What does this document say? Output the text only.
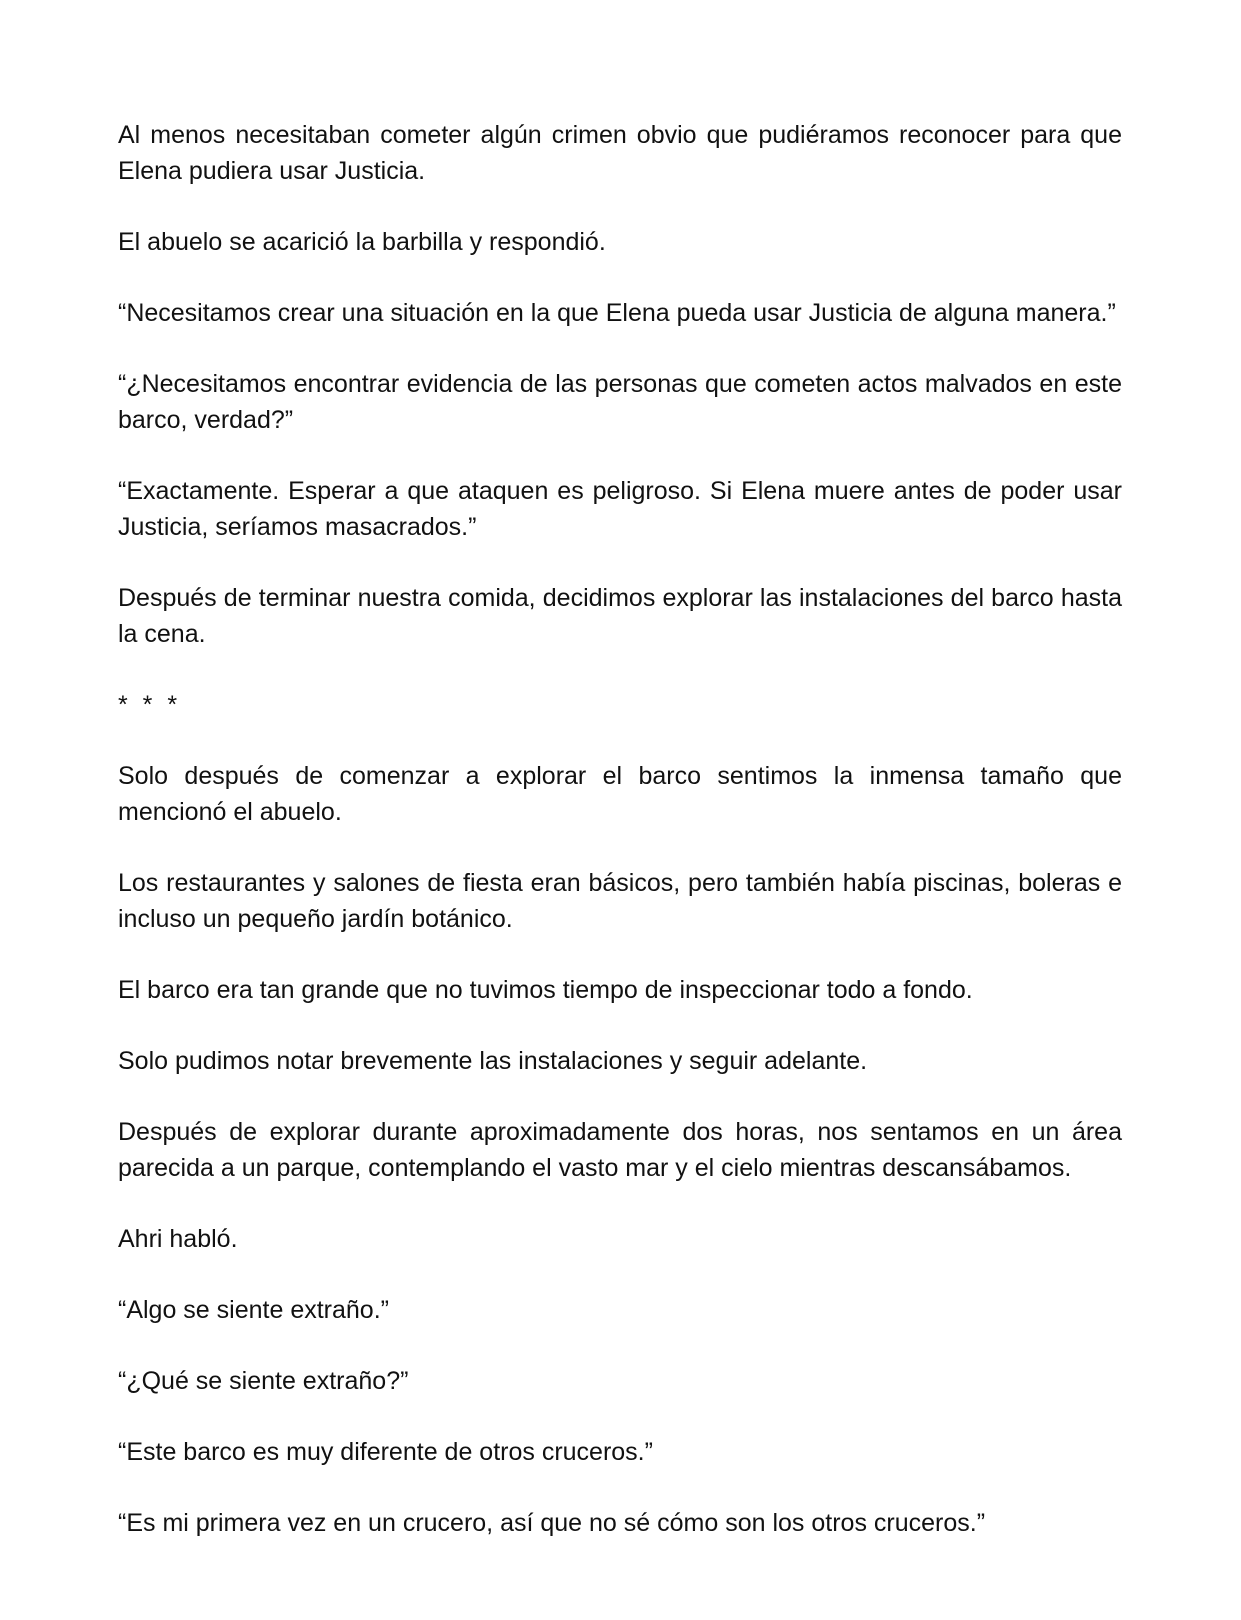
Al menos necesitaban cometer algún crimen obvio que pudiéramos reconocer para que Elena pudiera usar Justicia.

El abuelo se acarició la barbilla y respondió.

“Necesitamos crear una situación en la que Elena pueda usar Justicia de alguna manera.”

“¿Necesitamos encontrar evidencia de las personas que cometen actos malvados en este barco, verdad?”

“Exactamente. Esperar a que ataquen es peligroso. Si Elena muere antes de poder usar Justicia, seríamos masacrados.”

Después de terminar nuestra comida, decidimos explorar las instalaciones del barco hasta la cena.

* * *

Solo después de comenzar a explorar el barco sentimos la inmensa tamaño que mencionó el abuelo.

Los restaurantes y salones de fiesta eran básicos, pero también había piscinas, boleras e incluso un pequeño jardín botánico.

El barco era tan grande que no tuvimos tiempo de inspeccionar todo a fondo.

Solo pudimos notar brevemente las instalaciones y seguir adelante.

Después de explorar durante aproximadamente dos horas, nos sentamos en un área parecida a un parque, contemplando el vasto mar y el cielo mientras descansábamos.

Ahri habló.

“Algo se siente extraño.”

“¿Qué se siente extraño?”

“Este barco es muy diferente de otros cruceros.”

“Es mi primera vez en un crucero, así que no sé cómo son los otros cruceros.”
